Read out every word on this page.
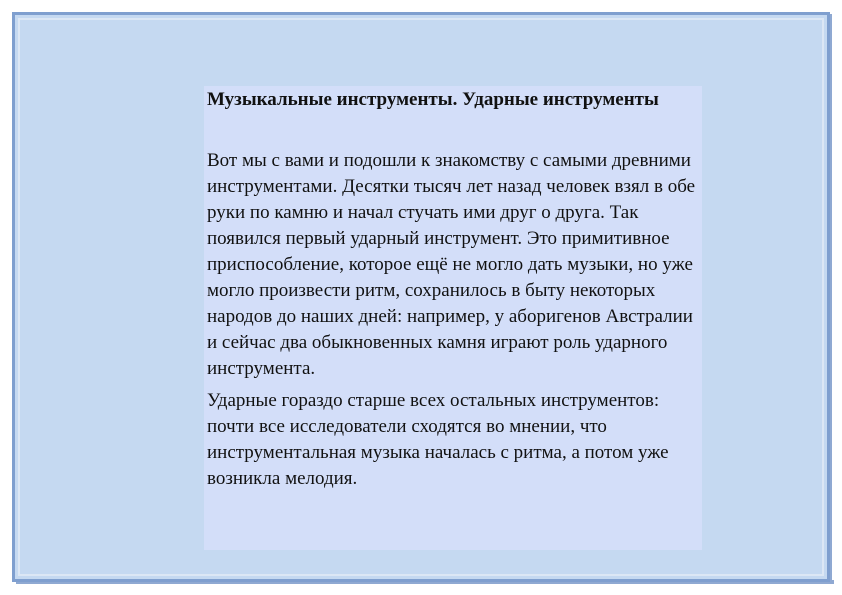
Музыкальные инструменты. Ударные инструменты

Вот мы с вами и подошли к знакомству с самыми древними инструментами. Десятки тысяч лет назад человек взял в обе руки по камню и начал стучать ими друг о друга. Так появился первый ударный инструмент. Это примитивное приспособление, которое ещё не могло дать музыки, но уже могло произвести ритм, сохранилось в быту некоторых народов до наших дней: например, у аборигенов Австралии и сейчас два обыкновенных камня играют роль ударного инструмента.

Ударные гораздо старше всех остальных инструментов: почти все исследователи сходятся во мнении, что инструментальная музыка началась с ритма, а потом уже возникла мелодия.
